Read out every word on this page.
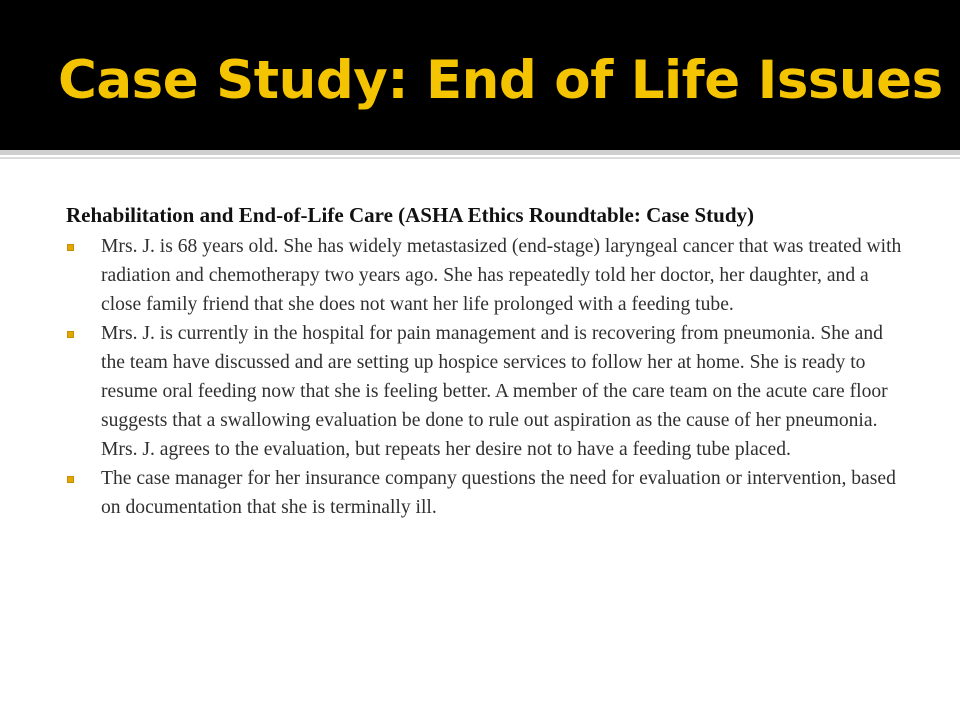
Case Study: End of Life Issues

Rehabilitation and End-of-Life Care (ASHA Ethics Roundtable: Case Study)

Mrs. J. is 68 years old. She has widely metastasized (end-stage) laryngeal cancer that was treated with radiation and chemotherapy two years ago. She has repeatedly told her doctor, her daughter, and a close family friend that she does not want her life prolonged with a feeding tube.
Mrs. J. is currently in the hospital for pain management and is recovering from pneumonia. She and the team have discussed and are setting up hospice services to follow her at home. She is ready to resume oral feeding now that she is feeling better. A member of the care team on the acute care floor suggests that a swallowing evaluation be done to rule out aspiration as the cause of her pneumonia. Mrs. J. agrees to the evaluation, but repeats her desire not to have a feeding tube placed.
The case manager for her insurance company questions the need for evaluation or intervention, based on documentation that she is terminally ill.
